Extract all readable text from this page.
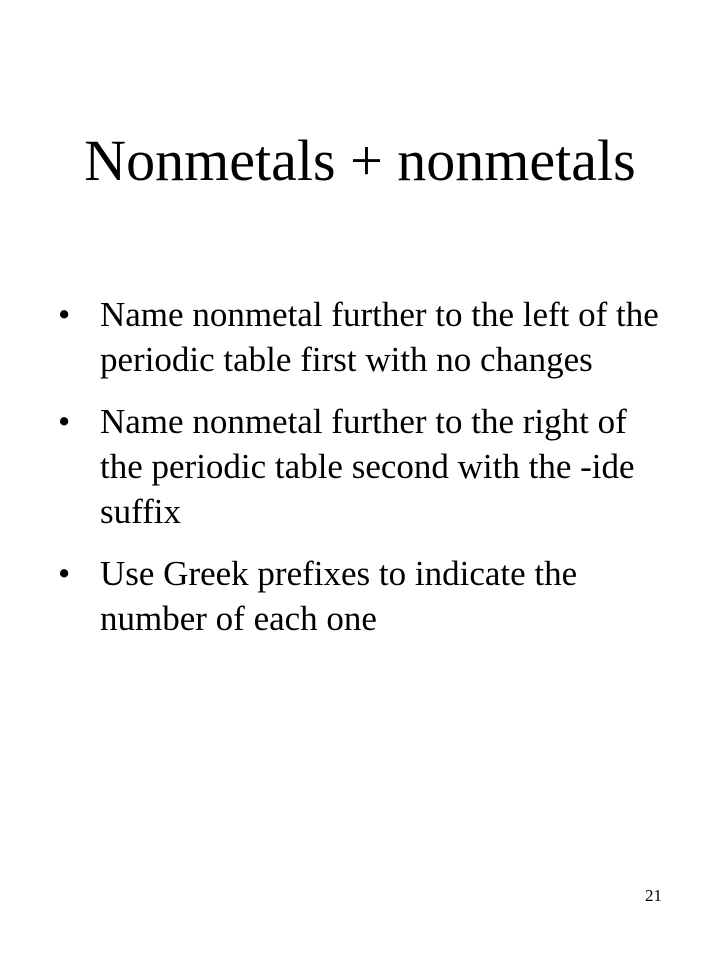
Nonmetals + nonmetals
• Name nonmetal further to the left of the periodic table first with no changes
• Name nonmetal further to the right of the periodic table second with the -ide suffix
• Use Greek prefixes to indicate the number of each one
21
